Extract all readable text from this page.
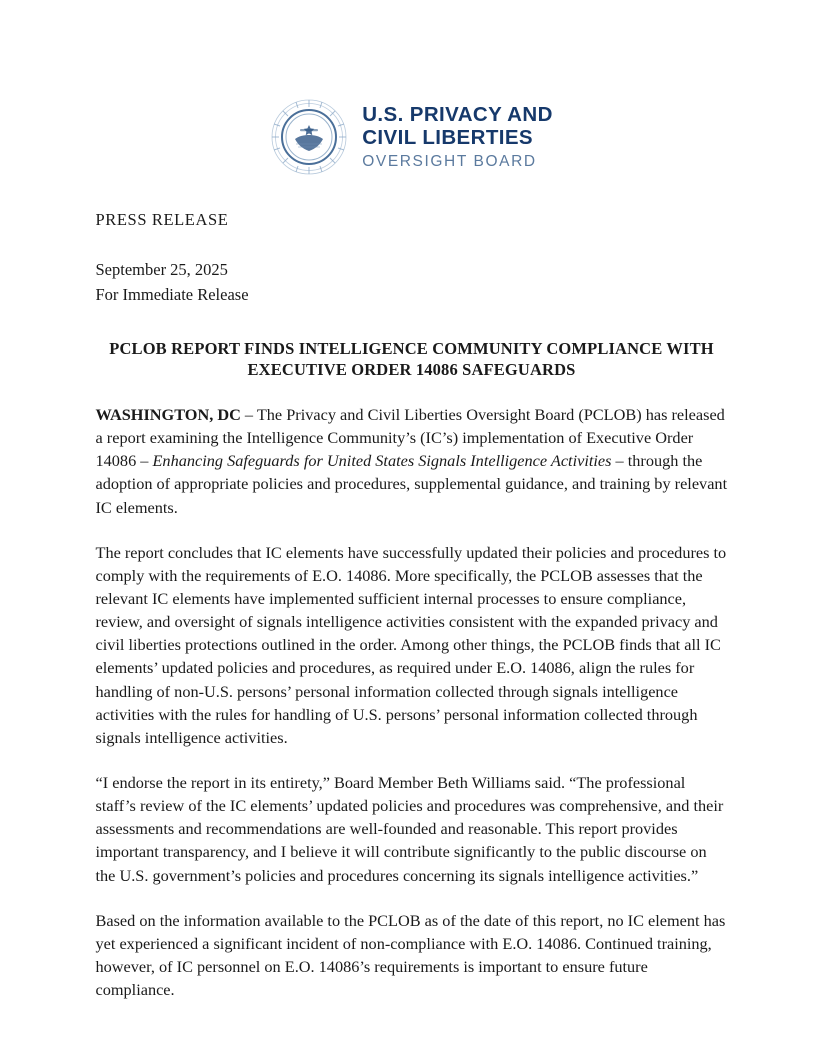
U.S. PRIVACY AND
CIVIL LIBERTIES
OVERSIGHT BOARD
PRESS RELEASE
September 25, 2025
For Immediate Release
PCLOB REPORT FINDS INTELLIGENCE COMMUNITY COMPLIANCE WITH
EXECUTIVE ORDER 14086 SAFEGUARDS

WASHINGTON, DC – The Privacy and Civil Liberties Oversight Board (PCLOB) has released a report examining the Intelligence Community’s (IC’s) implementation of Executive Order 14086 – Enhancing Safeguards for United States Signals Intelligence Activities – through the adoption of appropriate policies and procedures, supplemental guidance, and training by relevant IC elements.

The report concludes that IC elements have successfully updated their policies and procedures to comply with the requirements of E.O. 14086. More specifically, the PCLOB assesses that the relevant IC elements have implemented sufficient internal processes to ensure compliance, review, and oversight of signals intelligence activities consistent with the expanded privacy and civil liberties protections outlined in the order. Among other things, the PCLOB finds that all IC elements’ updated policies and procedures, as required under E.O. 14086, align the rules for handling of non-U.S. persons’ personal information collected through signals intelligence activities with the rules for handling of U.S. persons’ personal information collected through signals intelligence activities.

“I endorse the report in its entirety,” Board Member Beth Williams said. “The professional staff’s review of the IC elements’ updated policies and procedures was comprehensive, and their assessments and recommendations are well-founded and reasonable. This report provides important transparency, and I believe it will contribute significantly to the public discourse on the U.S. government’s policies and procedures concerning its signals intelligence activities.”

Based on the information available to the PCLOB as of the date of this report, no IC element has yet experienced a significant incident of non-compliance with E.O. 14086. Continued training, however, of IC personnel on E.O. 14086’s requirements is important to ensure future compliance.
